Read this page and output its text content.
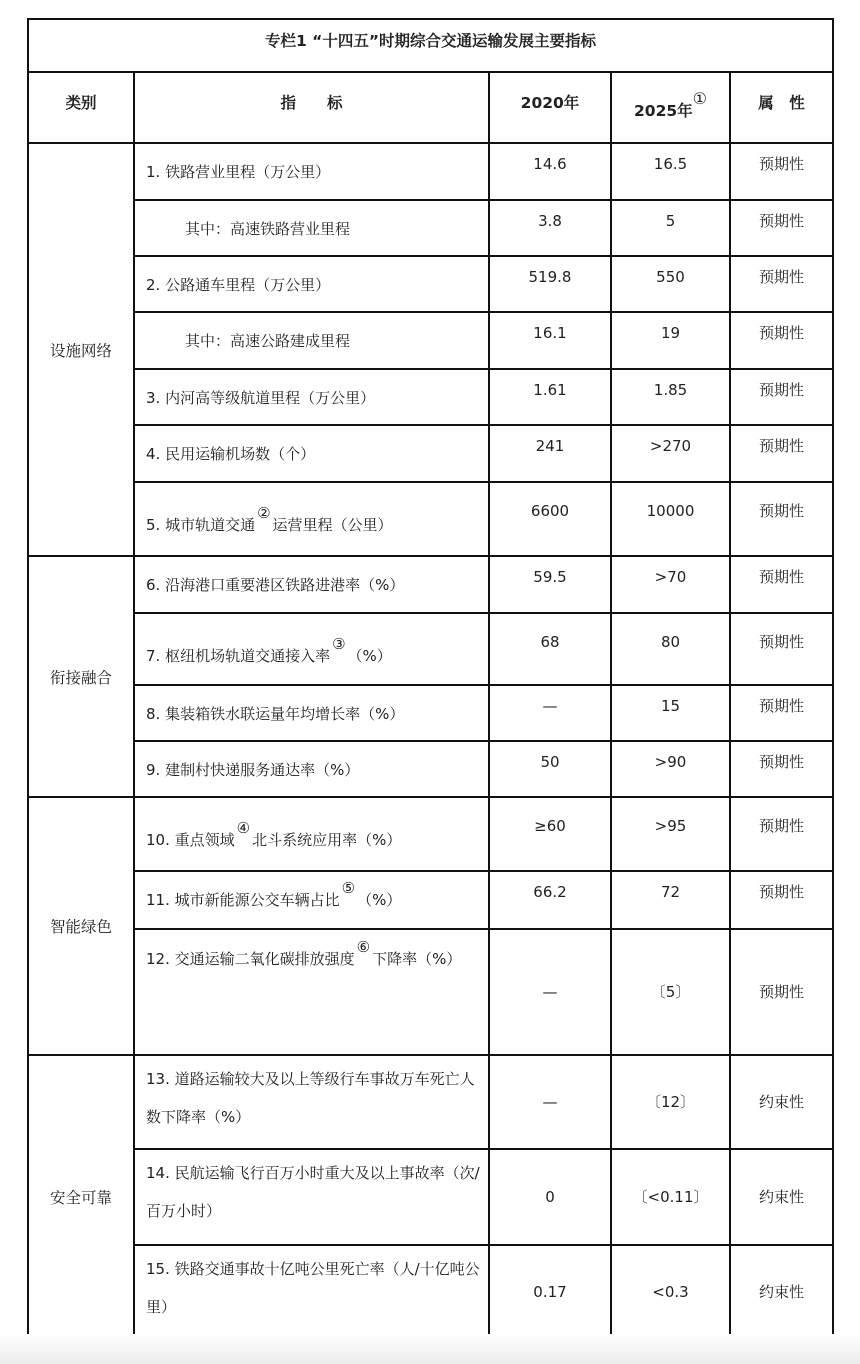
专栏1 “十四五”时期综合交通运输发展主要指标				
类别	指　　标	2020年	2025年①	属　性
设施网络	1. 铁路营业里程（万公里）	14.6	16.5	预期性
	其中：高速铁路营业里程	3.8	5	预期性
	2. 公路通车里程（万公里）	519.8	550	预期性
	其中：高速公路建成里程	16.1	19	预期性
	3. 内河高等级航道里程（万公里）	1.61	1.85	预期性
	4. 民用运输机场数（个）	241	>270	预期性
	5. 城市轨道交通②运营里程（公里）	6600	10000	预期性
衔接融合	6. 沿海港口重要港区铁路进港率（%）	59.5	>70	预期性
	7. 枢纽机场轨道交通接入率③（%）	68	80	预期性
	8. 集装箱铁水联运量年均增长率（%）	—	15	预期性
	9. 建制村快递服务通达率（%）	50	>90	预期性
智能绿色	10. 重点领域④北斗系统应用率（%）	≥60	>95	预期性
	11. 城市新能源公交车辆占比⑤（%）	66.2	72	预期性
	12. 交通运输二氧化碳排放强度⑥下降率（%）	—	〔5〕	预期性
安全可靠	13. 道路运输较大及以上等级行车事故万车死亡人数下降率（%）	—	〔12〕	约束性
	14. 民航运输飞行百万小时重大及以上事故率（次/百万小时）	0	〔<0.11〕	约束性
	15. 铁路交通事故十亿吨公里死亡率（人/十亿吨公里）	0.17	<0.3	约束性
